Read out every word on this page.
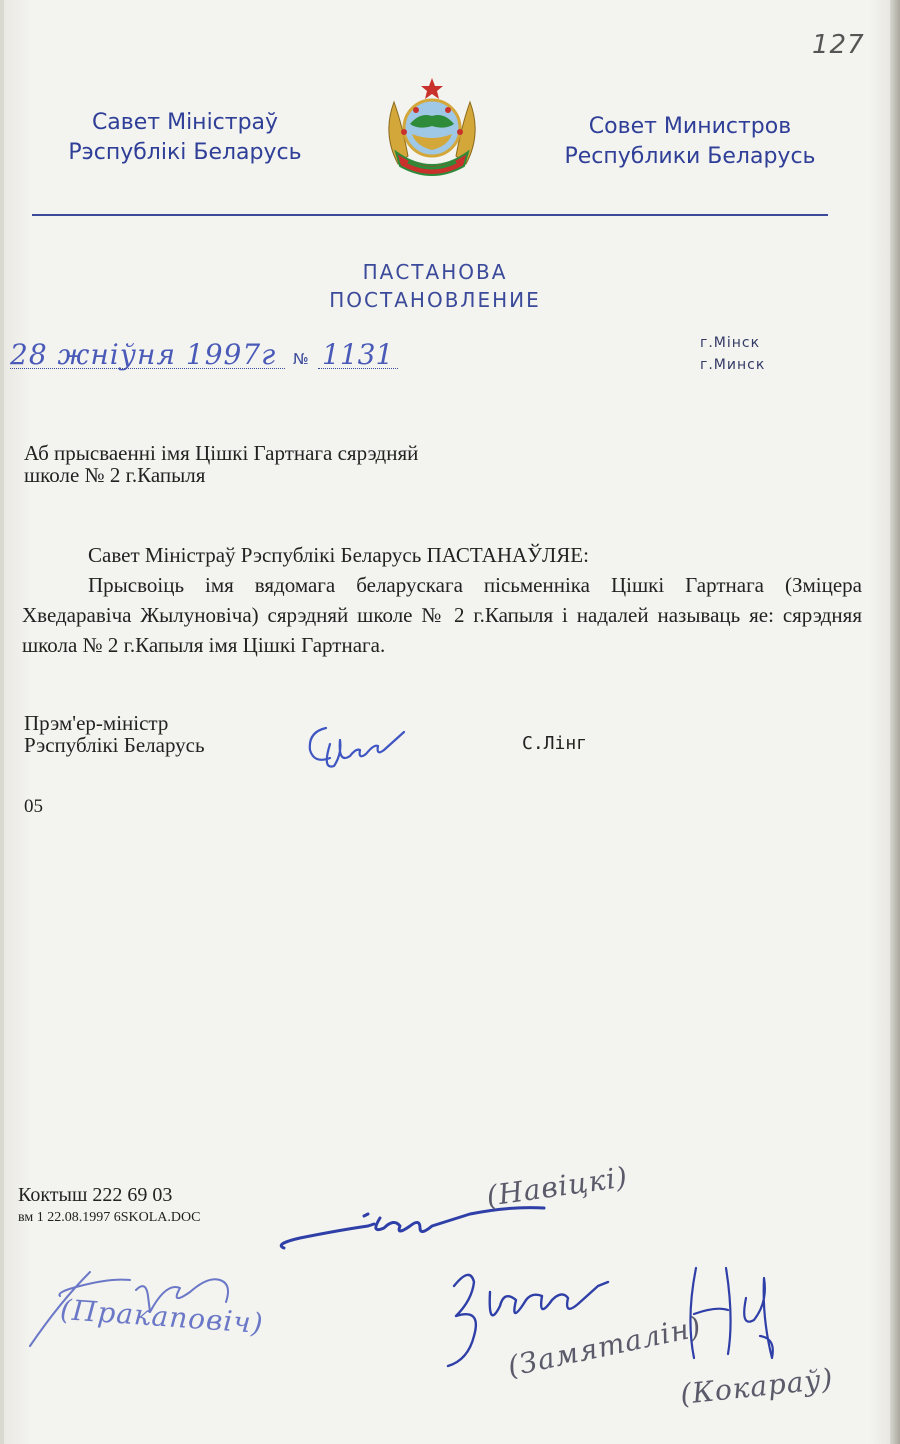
127
Савет Міністраў
Рэспублікі Беларусь
Совет Министров
Республики Беларусь
ПАСТАНОВА
ПОСТАНОВЛЕНИЕ
28 жніўня 1997г № 1131	г.Мінск
г.Минск
Аб прысваенні імя Цішкі Гартнага сярэдняй
школе № 2 г.Капыля

Савет Міністраў Рэспублікі Беларусь ПАСТАНАЎЛЯЕ:

Прысвоіць імя вядомага беларускага пісьменніка Цішкі Гартнага (Зміцера Хведаравіча Жылуновіча) сярэдняй школе № 2 г.Капыля і надалей называць яе: сярэдняя школа № 2 г.Капыля імя Цішкі Гартнага.

Прэм'ер-міністр
Рэспублікі Беларусь	С.Лінг
05
Коктыш 222 69 03
вм 1 22.08.1997 6SKOLA.DOC
(Навіцкі)
(Пракаповіч)	(Замяталін)
(Кокараў)
